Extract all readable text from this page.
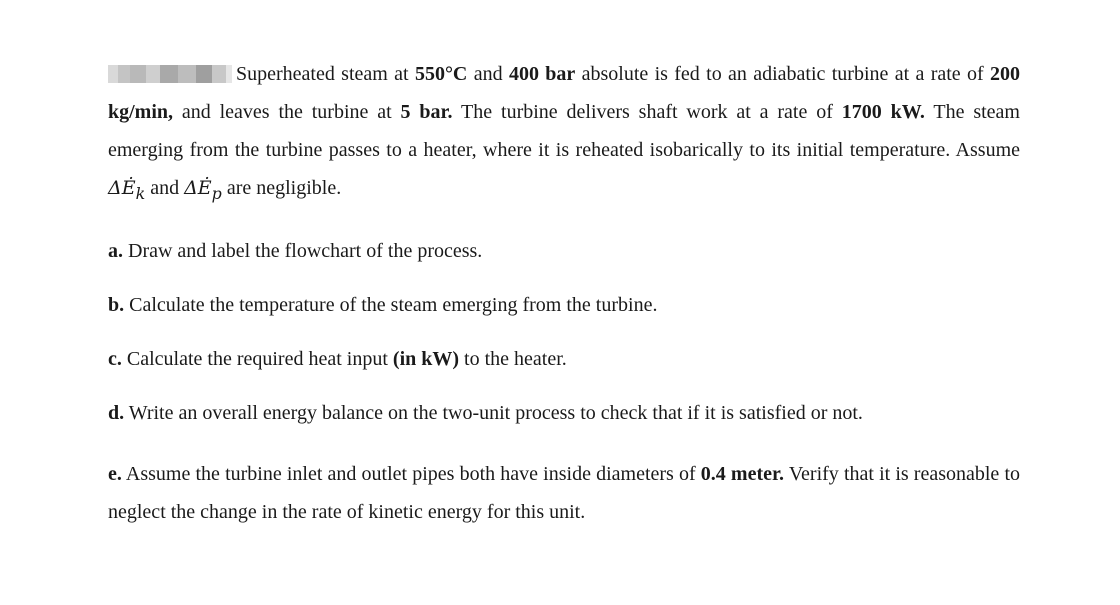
Superheated steam at 550°C and 400 bar absolute is fed to an adiabatic turbine at a rate of 200 kg/min, and leaves the turbine at 5 bar. The turbine delivers shaft work at a rate of 1700 kW. The steam emerging from the turbine passes to a heater, where it is reheated isobarically to its initial temperature. Assume $\Delta Ė_k$ and $\Delta Ė_p$ are negligible.

a. Draw and label the flowchart of the process.

b. Calculate the temperature of the steam emerging from the turbine.

c. Calculate the required heat input (in kW) to the heater.

d. Write an overall energy balance on the two-unit process to check that if it is satisfied or not.

e. Assume the turbine inlet and outlet pipes both have inside diameters of 0.4 meter. Verify that it is reasonable to neglect the change in the rate of kinetic energy for this unit.
